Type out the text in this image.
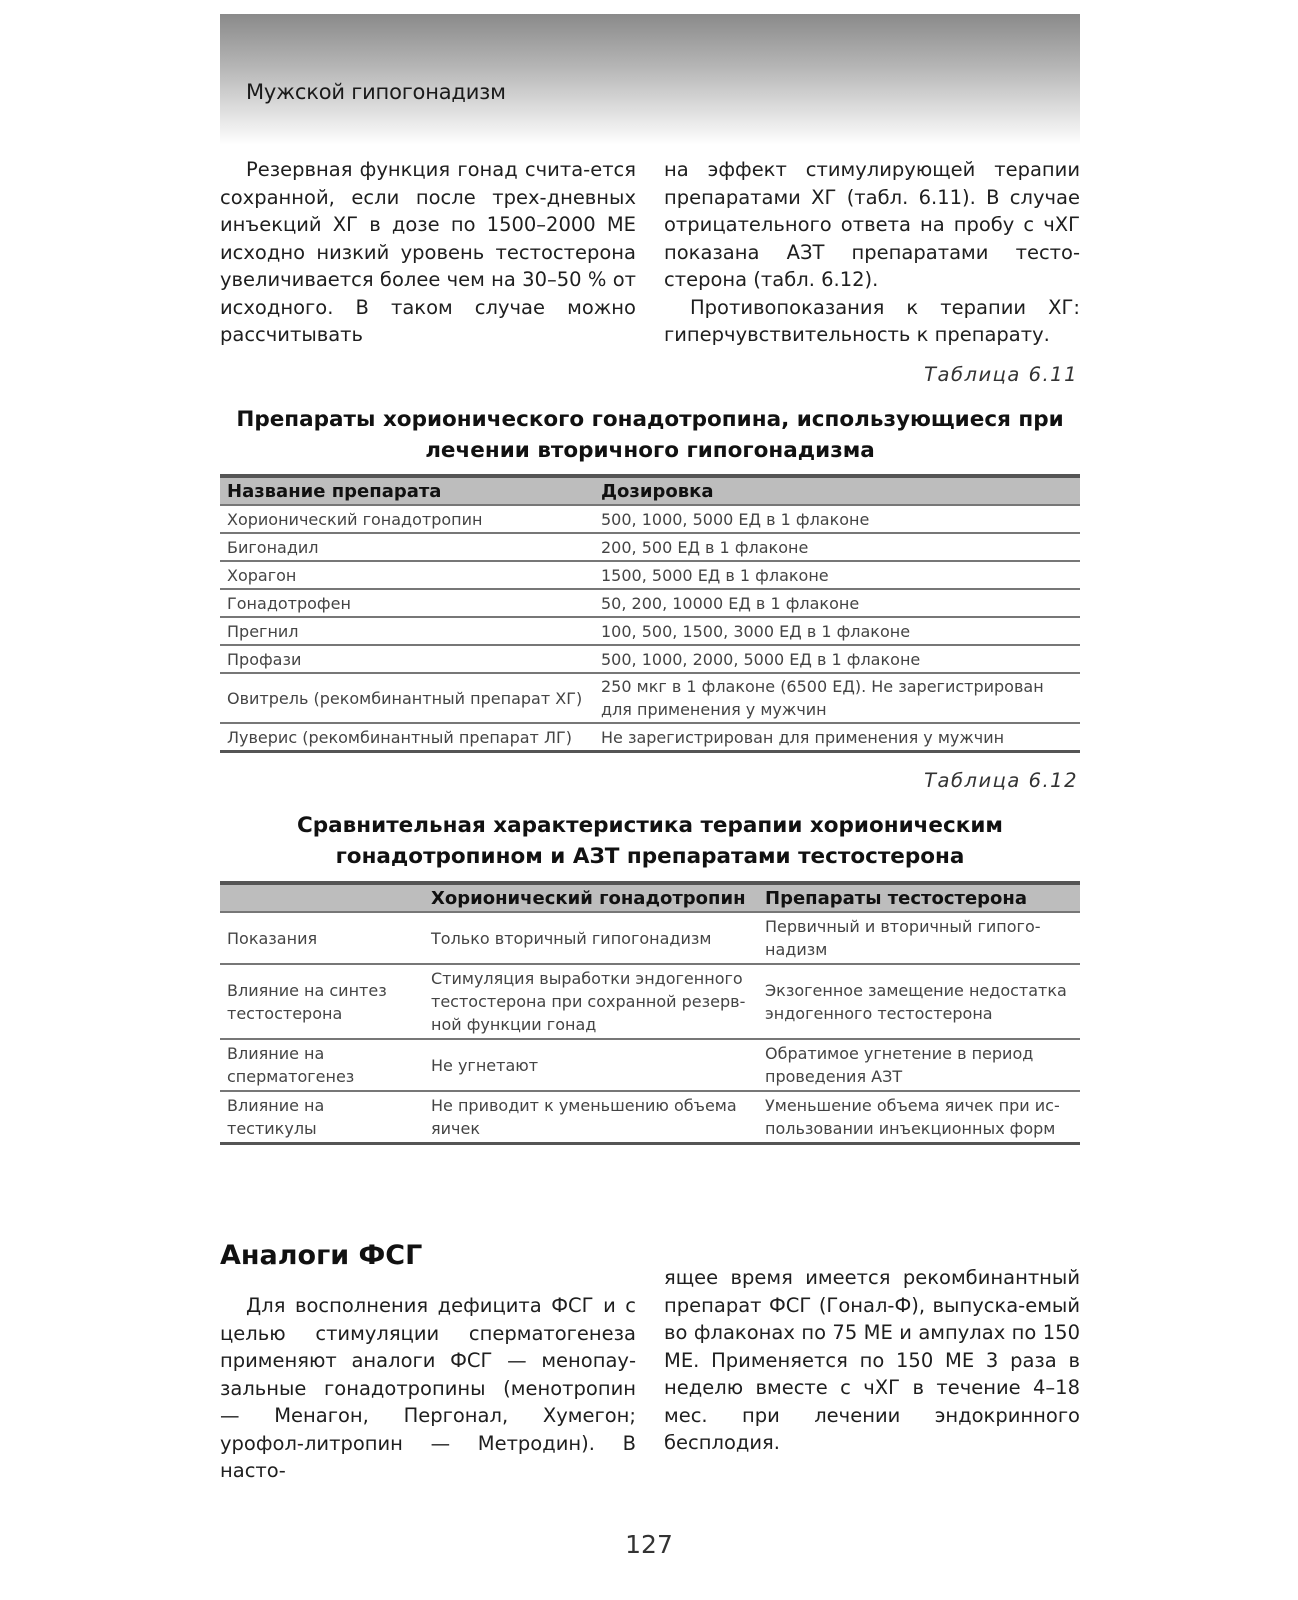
Мужской гипогонадизм

Резервная функция гонад счита-ется сохранной, если после трех-дневных инъекций ХГ в дозе по 1500–2000 МЕ исходно низкий уровень тестостерона увеличивается более чем на 30–50 % от исходного. В таком случае можно рассчитывать

на эффект стимулирующей терапии препаратами ХГ (табл. 6.11). В случае отрицательного ответа на пробу с чХГ показана АЗТ препаратами тесто-стерона (табл. 6.12).

Противопоказания к терапии ХГ: гиперчувствительность к препарату.

Таблица 6.11
Препараты хорионического гонадотропина, использующиеся при лечении вторичного гипогонадизма
Название препарата	Дозировка
Хорионический гонадотропин	500, 1000, 5000 ЕД в 1 флаконе
Бигонадил	200, 500 ЕД в 1 флаконе
Хорагон	1500, 5000 ЕД в 1 флаконе
Гонадотрофен	50, 200, 10000 ЕД в 1 флаконе
Прегнил	100, 500, 1500, 3000 ЕД в 1 флаконе
Профази	500, 1000, 2000, 5000 ЕД в 1 флаконе
Овитрель (рекомбинантный препарат ХГ)	250 мкг в 1 флаконе (6500 ЕД). Не зарегистрирован для применения у мужчин
Луверис (рекомбинантный препарат ЛГ)	Не зарегистрирован для применения у мужчин
Таблица 6.12
Сравнительная характеристика терапии хорионическим гонадотропином и АЗТ препаратами тестостерона
	Хорионический гонадотропин	Препараты тестостерона
Показания	Только вторичный гипогонадизм	Первичный и вторичный гипого-надизм
Влияние на синтез тестостерона	Стимуляция выработки эндогенного тестостерона при сохранной резерв-ной функции гонад	Экзогенное замещение недостатка эндогенного тестостерона
Влияние на сперматогенез	Не угнетают	Обратимое угнетение в период проведения АЗТ
Влияние на тестикулы	Не приводит к уменьшению объема яичек	Уменьшение объема яичек при ис-пользовании инъекционных форм
Аналоги ФСГ

Для восполнения дефицита ФСГ и с целью стимуляции сперматогенеза применяют аналоги ФСГ — менопау-зальные гонадотропины (менотропин — Менагон, Пергонал, Хумегон; урофол-литропин — Метродин). В насто-

ящее время имеется рекомбинантный препарат ФСГ (Гонал-Ф), выпуска-емый во флаконах по 75 МЕ и ампулах по 150 МЕ. Применяется по 150 МЕ 3 раза в неделю вместе с чХГ в течение 4–18 мес. при лечении эндокринного бесплодия.

127
